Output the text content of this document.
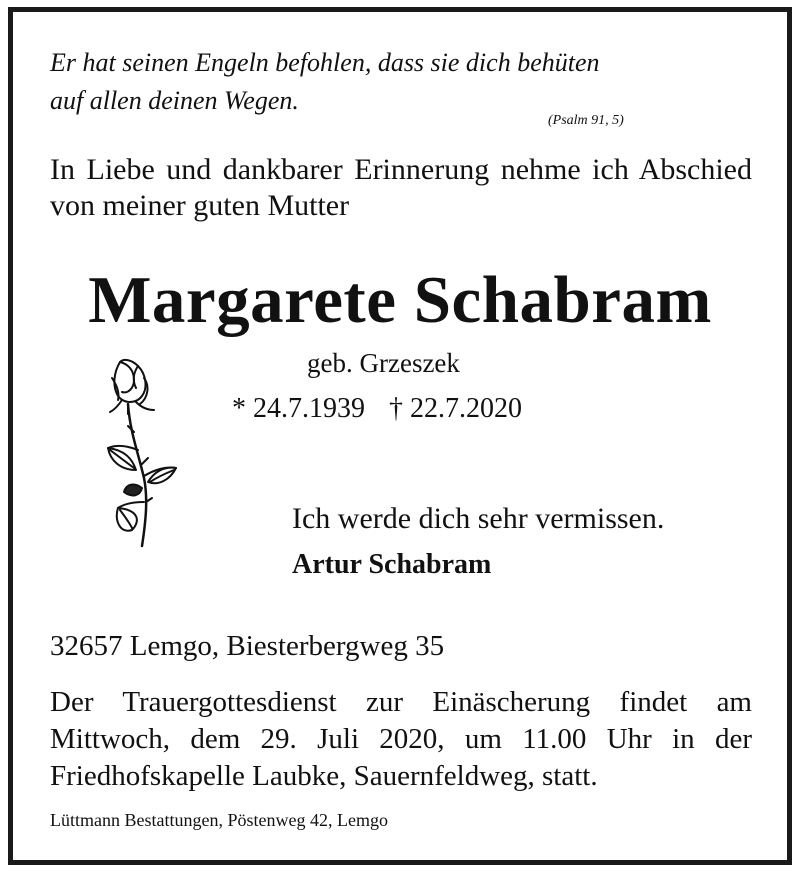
Er hat seinen Engeln befohlen, dass sie dich behüten
auf allen deinen Wegen.
(Psalm 91, 5)
In Liebe und dankbarer Erinnerung nehme ich Abschied von meiner guten Mutter
Margarete Schabram
geb. Grzeszek
* 24.7.1939 † 22.7.2020
Ich werde dich sehr vermissen.
Artur Schabram
32657 Lemgo, Biesterbergweg 35
Der Trauergottesdienst zur Einäscherung findet am Mittwoch, dem 29. Juli 2020, um 11.00 Uhr in der Friedhofskapelle Laubke, Sauernfeldweg, statt.
Lüttmann Bestattungen, Pöstenweg 42, Lemgo
